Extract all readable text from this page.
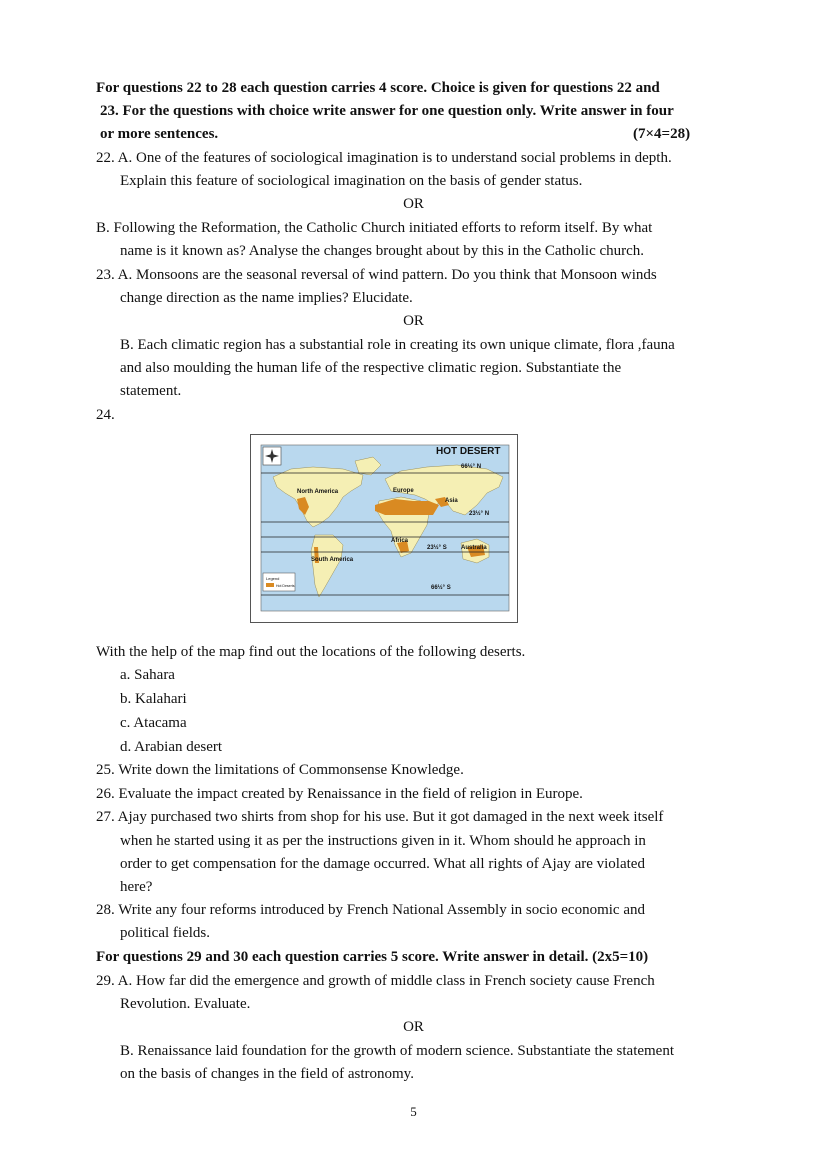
For questions 22 to 28 each question carries 4 score. Choice is given for questions 22 and
23. For the questions with choice write answer for one question only. Write answer in four
or more sentences.	(7×4=28)
22. A. One of the features of sociological imagination is to understand social problems in depth.
Explain this feature of sociological imagination on the basis of gender status.
OR
B. Following the Reformation, the Catholic Church initiated efforts to reform itself. By what
name is it known as? Analyse the changes brought about by this in the Catholic church.
23. A. Monsoons are the seasonal reversal of wind pattern. Do you think that Monsoon winds
change direction as the name implies? Elucidate.
OR
B. Each climatic region has a substantial role in creating its own unique climate, flora ,fauna
and also moulding the human life of the respective climatic region. Substantiate the
statement.
24.
HOT DESERT
66½° N
23½° N
23½° S
66½° S
North America	Europe
Asia
Africa
South America
Australia
Legend
Hot Deserts
With the help of the map find out the locations of the following deserts.
a. Sahara
b. Kalahari
c. Atacama
d. Arabian desert
25. Write down the limitations of Commonsense Knowledge.
26. Evaluate the impact created by Renaissance in the field of religion in Europe.
27. Ajay purchased two shirts from shop for his use. But it got damaged in the next week itself
when he started using it as per the instructions given in it. Whom should he approach in
order to get compensation for the damage occurred. What all rights of Ajay are violated
here?
28. Write any four reforms introduced by French National Assembly in socio economic and
political fields.
For questions 29 and 30 each question carries 5 score. Write answer in detail. (2x5=10)
29. A. How far did the emergence and growth of middle class in French society cause French
Revolution. Evaluate.
OR
B. Renaissance laid foundation for the growth of modern science. Substantiate the statement
on the basis of changes in the field of astronomy.
5
